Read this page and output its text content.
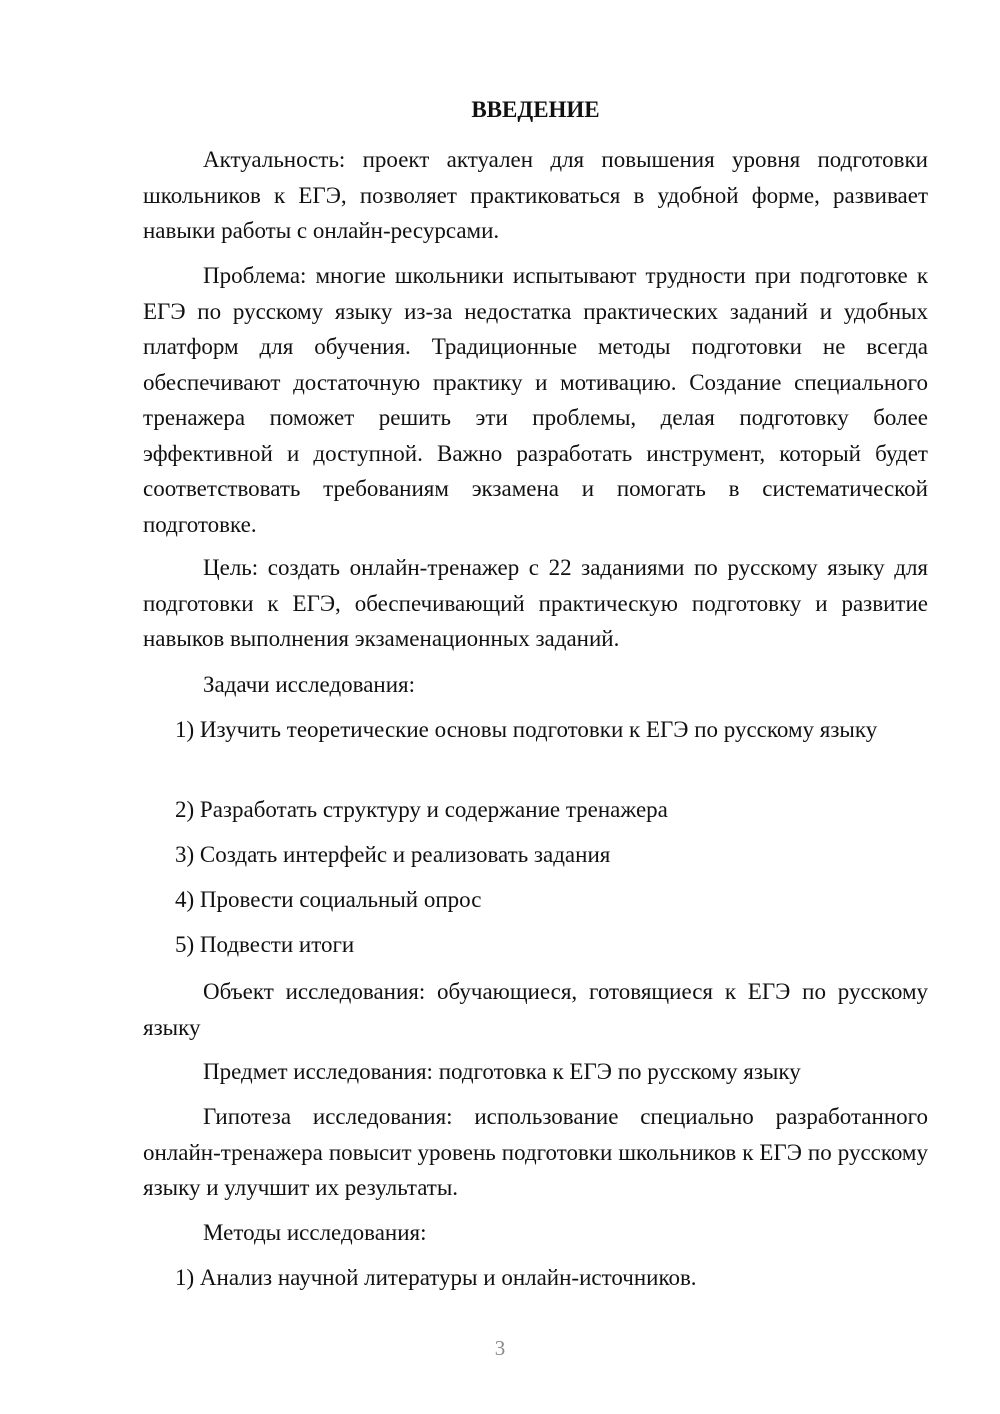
ВВЕДЕНИЕ

Актуальность: проект актуален для повышения уровня подготовки школьников к ЕГЭ, позволяет практиковаться в удобной форме, развивает навыки работы с онлайн-ресурсами.

Проблема: многие школьники испытывают трудности при подготовке к ЕГЭ по русскому языку из-за недостатка практических заданий и удобных платформ для обучения. Традиционные методы подготовки не всегда обеспечивают достаточную практику и мотивацию. Создание специального тренажера поможет решить эти проблемы, делая подготовку более эффективной и доступной. Важно разработать инструмент, который будет соответствовать требованиям экзамена и помогать в систематической подготовке.

Цель: создать онлайн-тренажер с 22 заданиями по русскому языку для подготовки к ЕГЭ, обеспечивающий практическую подготовку и развитие навыков выполнения экзаменационных заданий.

Задачи исследования:

1) Изучить теоретические основы подготовки к ЕГЭ по русскому языку

2) Разработать структуру и содержание тренажера

3) Создать интерфейс и реализовать задания

4) Провести социальный опрос

5) Подвести итоги

Объект исследования: обучающиеся, готовящиеся к ЕГЭ по русскому языку

Предмет исследования: подготовка к ЕГЭ по русскому языку

Гипотеза исследования: использование специально разработанного онлайн-тренажера повысит уровень подготовки школьников к ЕГЭ по русскому языку и улучшит их результаты.

Методы исследования:

1) Анализ научной литературы и онлайн-источников.

3
